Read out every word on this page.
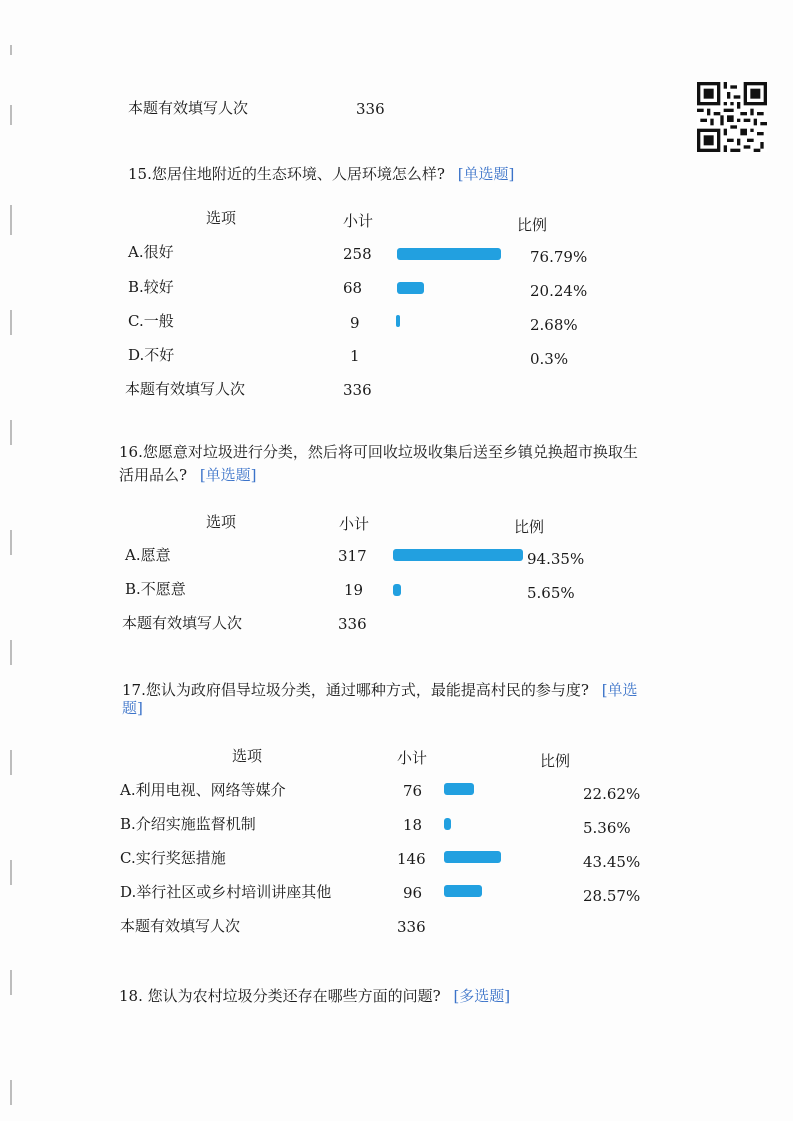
本题有效填写人次	336
15.您居住地附近的生态环境、人居环境怎么样? [单选题]
选项	小计	比例
A.很好	258	76.79%
B.较好	68	20.24%
C.一般	9	2.68%
D.不好	1	0.3%
本题有效填写人次	336
16.您愿意对垃圾进行分类，然后将可回收垃圾收集后送至乡镇兑换超市换取生
活用品么? [单选题]
选项	小计	比例
A.愿意	317	94.35%
B.不愿意	19	5.65%
本题有效填写人次	336
17.您认为政府倡导垃圾分类，通过哪种方式，最能提高村民的参与度? [单选
题]
选项	小计	比例
A.利用电视、网络等媒介	76	22.62%
B.介绍实施监督机制	18	5.36%
C.实行奖惩措施	146	43.45%
D.举行社区或乡村培训讲座其他	96	28.57%
本题有效填写人次	336
18. 您认为农村垃圾分类还存在哪些方面的问题? [多选题]
